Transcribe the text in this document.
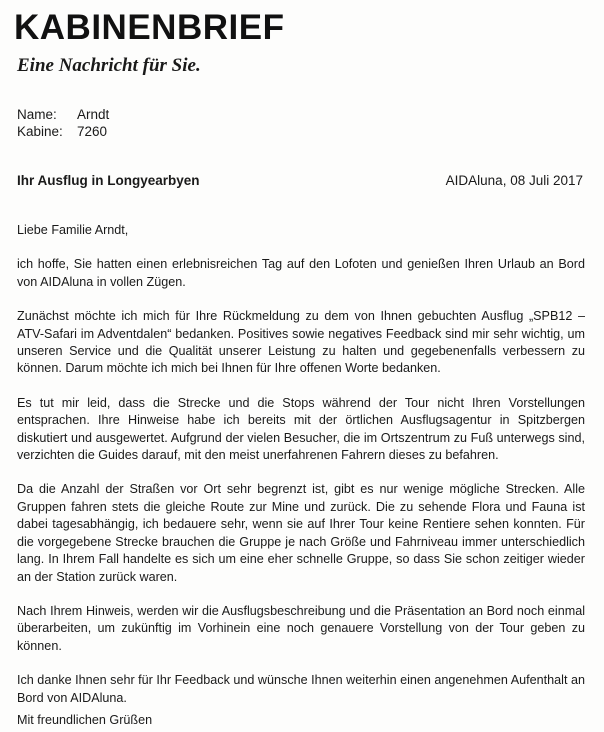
KABINENBRIEF
Eine Nachricht für Sie.
Name:	Arndt
Kabine:	7260
Ihr Ausflug in Longyearbyen	AIDAluna, 08 Juli 2017

Liebe Familie Arndt,

ich hoffe, Sie hatten einen erlebnisreichen Tag auf den Lofoten und genießen Ihren Urlaub an Bord von AIDAluna in vollen Zügen.

Zunächst möchte ich mich für Ihre Rückmeldung zu dem von Ihnen gebuchten Ausflug „SPB12 – ATV-Safari im Adventdalen“ bedanken. Positives sowie negatives Feedback sind mir sehr wichtig, um unseren Service und die Qualität unserer Leistung zu halten und gegebenenfalls verbessern zu können. Darum möchte ich mich bei Ihnen für Ihre offenen Worte bedanken.

Es tut mir leid, dass die Strecke und die Stops während der Tour nicht Ihren Vorstellungen entsprachen. Ihre Hinweise habe ich bereits mit der örtlichen Ausflugsagentur in Spitzbergen diskutiert und ausgewertet. Aufgrund der vielen Besucher, die im Ortszentrum zu Fuß unterwegs sind, verzichten die Guides darauf, mit den meist unerfahrenen Fahrern dieses zu befahren.

Da die Anzahl der Straßen vor Ort sehr begrenzt ist, gibt es nur wenige mögliche Strecken. Alle Gruppen fahren stets die gleiche Route zur Mine und zurück. Die zu sehende Flora und Fauna ist dabei tagesabhängig, ich bedauere sehr, wenn sie auf Ihrer Tour keine Rentiere sehen konnten. Für die vorgegebene Strecke brauchen die Gruppe je nach Größe und Fahrniveau immer unterschiedlich lang. In Ihrem Fall handelte es sich um eine eher schnelle Gruppe, so dass Sie schon zeitiger wieder an der Station zurück waren.

Nach Ihrem Hinweis, werden wir die Ausflugsbeschreibung und die Präsentation an Bord noch einmal überarbeiten, um zukünftig im Vorhinein eine noch genauere Vorstellung von der Tour geben zu können.

Ich danke Ihnen sehr für Ihr Feedback und wünsche Ihnen weiterhin einen angenehmen Aufenthalt an Bord von AIDAluna.

Mit freundlichen Grüßen
